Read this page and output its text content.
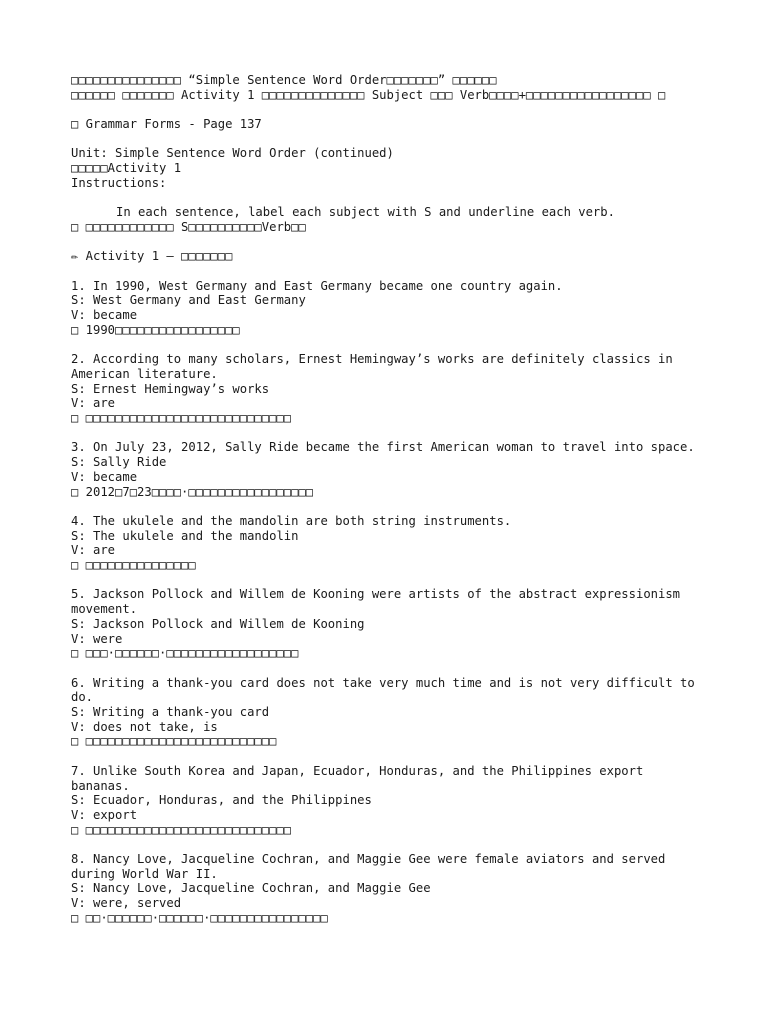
□□□□□□□□□□□□□□□ “Simple Sentence Word Order□□□□□□□” □□□□□□
□□□□□□ □□□□□□□ Activity 1 □□□□□□□□□□□□□□ Subject □□□ Verb□□□□+□□□□□□□□□□□□□□□□□ □
□ Grammar Forms - Page 137
Unit: Simple Sentence Word Order (continued)
□□□□□Activity 1
Instructions:
In each sentence, label each subject with S and underline each verb.
□ □□□□□□□□□□□□ S□□□□□□□□□□Verb□□
✏ Activity 1 – □□□□□□□
1. In 1990, West Germany and East Germany became one country again.
S: West Germany and East Germany
V: became
□ 1990□□□□□□□□□□□□□□□□□
2. According to many scholars, Ernest Hemingway’s works are definitely classics in American literature.
S: Ernest Hemingway’s works
V: are
□ □□□□□□□□□□□□□□□□□□□□□□□□□□□□
3. On July 23, 2012, Sally Ride became the first American woman to travel into space.
S: Sally Ride
V: became
□ 2012□7□23□□□□·□□□□□□□□□□□□□□□□□
4. The ukulele and the mandolin are both string instruments.
S: The ukulele and the mandolin
V: are
□ □□□□□□□□□□□□□□□
5. Jackson Pollock and Willem de Kooning were artists of the abstract expressionism movement.
S: Jackson Pollock and Willem de Kooning
V: were
□ □□□·□□□□□□·□□□□□□□□□□□□□□□□□□
6. Writing a thank-you card does not take very much time and is not very difficult to do.
S: Writing a thank-you card
V: does not take, is
□ □□□□□□□□□□□□□□□□□□□□□□□□□□
7. Unlike South Korea and Japan, Ecuador, Honduras, and the Philippines export bananas.
S: Ecuador, Honduras, and the Philippines
V: export
□ □□□□□□□□□□□□□□□□□□□□□□□□□□□□
8. Nancy Love, Jacqueline Cochran, and Maggie Gee were female aviators and served during World War II.
S: Nancy Love, Jacqueline Cochran, and Maggie Gee
V: were, served
□ □□·□□□□□□·□□□□□□·□□□□□□□□□□□□□□□□
